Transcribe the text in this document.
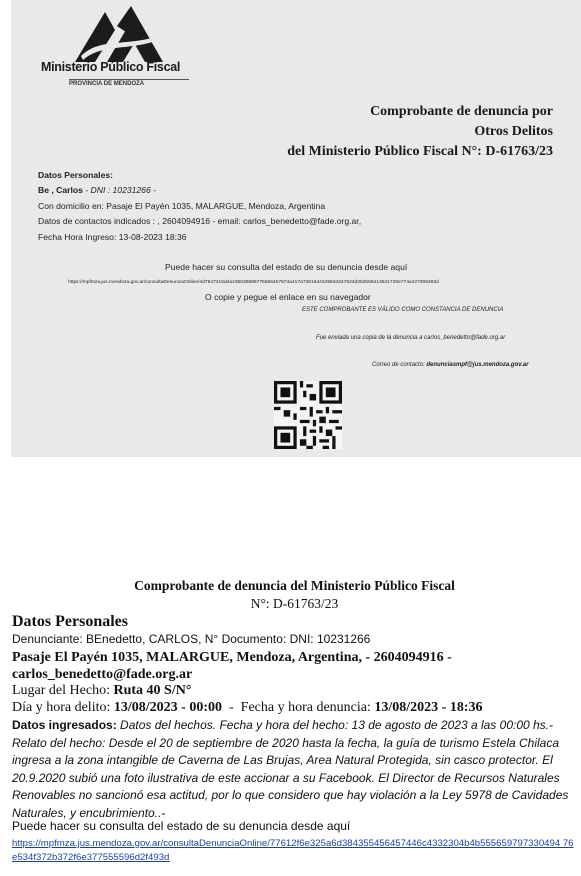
Ministerio Público Fiscal
PROVINCIA DE MENDOZA
Comprobante de denuncia por
Otros Delitos
del Ministerio Público Fiscal N°: D-61763/23
Datos Personales:
Be , Carlos - DNI : 10231266 -
Con domicilio en: Pasaje El Payén 1035, MALARGUE, Mendoza, Argentina
Datos de contactos indicados : , 2604094916 - email: carlos_benedetto@fade.org.ar,
Fecha Hora Ingreso: 13-08-2023 18:36
Puede hacer su consulta del estado de su denuncia desde aquí
https://mpfmza.jus.mendoza.gov.ar/consultaDenunciaOnline/4d7947416d4a435635695776586467574a417a7361644349634247624d352b55413541726e774a427369493d
O copie y pegue el enlace en su navegador
ESTE COMPROBANTE ES VÁLIDO COMO CONSTANCIA DE DENUNCIA
Fue enviada una copia de la denuncia a carlos_benedetto@fade.org.ar
Correo de contacto: denunciasmpf@jus.mendoza.gov.ar
Comprobante de denuncia del Ministerio Público Fiscal
N°: D-61763/23
Datos Personales
Denunciante: BEnedetto, CARLOS, N° Documento: DNI: 10231266
Pasaje El Payén 1035, MALARGUE, Mendoza, Argentina, - 2604094916 - carlos_benedetto@fade.org.ar
Lugar del Hecho: Ruta 40 S/N°
Día y hora delito: 13/08/2023 - 00:00  -  Fecha y hora denuncia: 13/08/2023 - 18:36
Datos ingresados: Datos del hechos. Fecha y hora del hecho: 13 de agosto de 2023 a las 00:00 hs.- Relato del hecho: Desde el 20 de septiembre de 2020 hasta la fecha, la guía de turismo Estela Chilaca ingresa a la zona intangible de Caverna de Las Brujas, Area Natural Protegida, sin casco protector. El 20.9.2020 subió una foto ilustrativa de este accionar a su Facebook. El Director de Recursos Naturales Renovables no sancionó esa actitud, por lo que considero que hay violación a la Ley 5978 de Cavidades Naturales, y encubrimiento..-
Puede hacer su consulta del estado de su denuncia desde aquí
https://mpfmza.jus.mendoza.gov.ar/consultaDenunciaOnline/77612f6e325a6d384355456457446c4332304b4b555659797330494 76e534f372b372f6e377555596d2f493d
